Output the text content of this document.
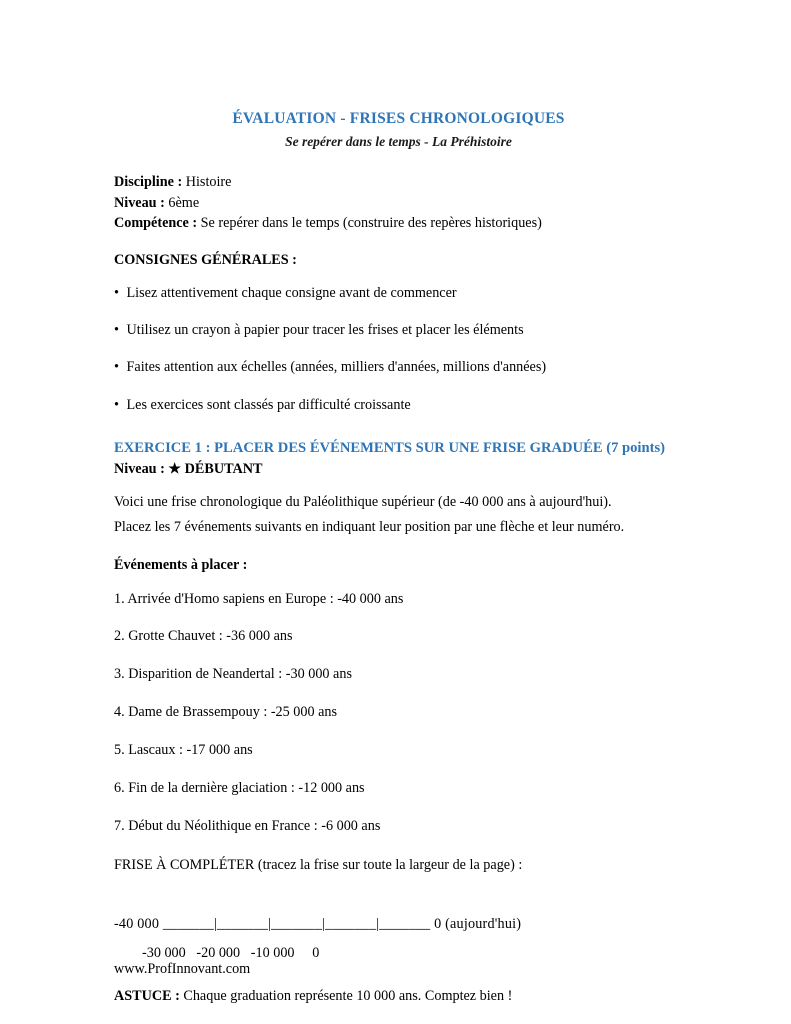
ÉVALUATION - FRISES CHRONOLOGIQUES
Se repérer dans le temps - La Préhistoire

Discipline : Histoire

Niveau : 6ème

Compétence : Se repérer dans le temps (construire des repères historiques)

CONSIGNES GÉNÉRALES :

• Lisez attentivement chaque consigne avant de commencer

• Utilisez un crayon à papier pour tracer les frises et placer les éléments

• Faites attention aux échelles (années, milliers d'années, millions d'années)

• Les exercices sont classés par difficulté croissante

EXERCICE 1 : PLACER DES ÉVÉNEMENTS SUR UNE FRISE GRADUÉE (7 points)

Niveau : ★ DÉBUTANT

Voici une frise chronologique du Paléolithique supérieur (de -40 000 ans à aujourd'hui).

Placez les 7 événements suivants en indiquant leur position par une flèche et leur numéro.

Événements à placer :

1. Arrivée d'Homo sapiens en Europe : -40 000 ans

2. Grotte Chauvet : -36 000 ans

3. Disparition de Neandertal : -30 000 ans

4. Dame de Brassempouy : -25 000 ans

5. Lascaux : -17 000 ans

6. Fin de la dernière glaciation : -12 000 ans

7. Début du Néolithique en France : -6 000 ans

FRISE À COMPLÉTER (tracez la frise sur toute la largeur de la page) :

-40 000 _______|_______|_______|_______|_______ 0 (aujourd'hui)

-30 000   -20 000   -10 000     0

ASTUCE : Chaque graduation représente 10 000 ans. Comptez bien !

www.ProfInnovant.com
